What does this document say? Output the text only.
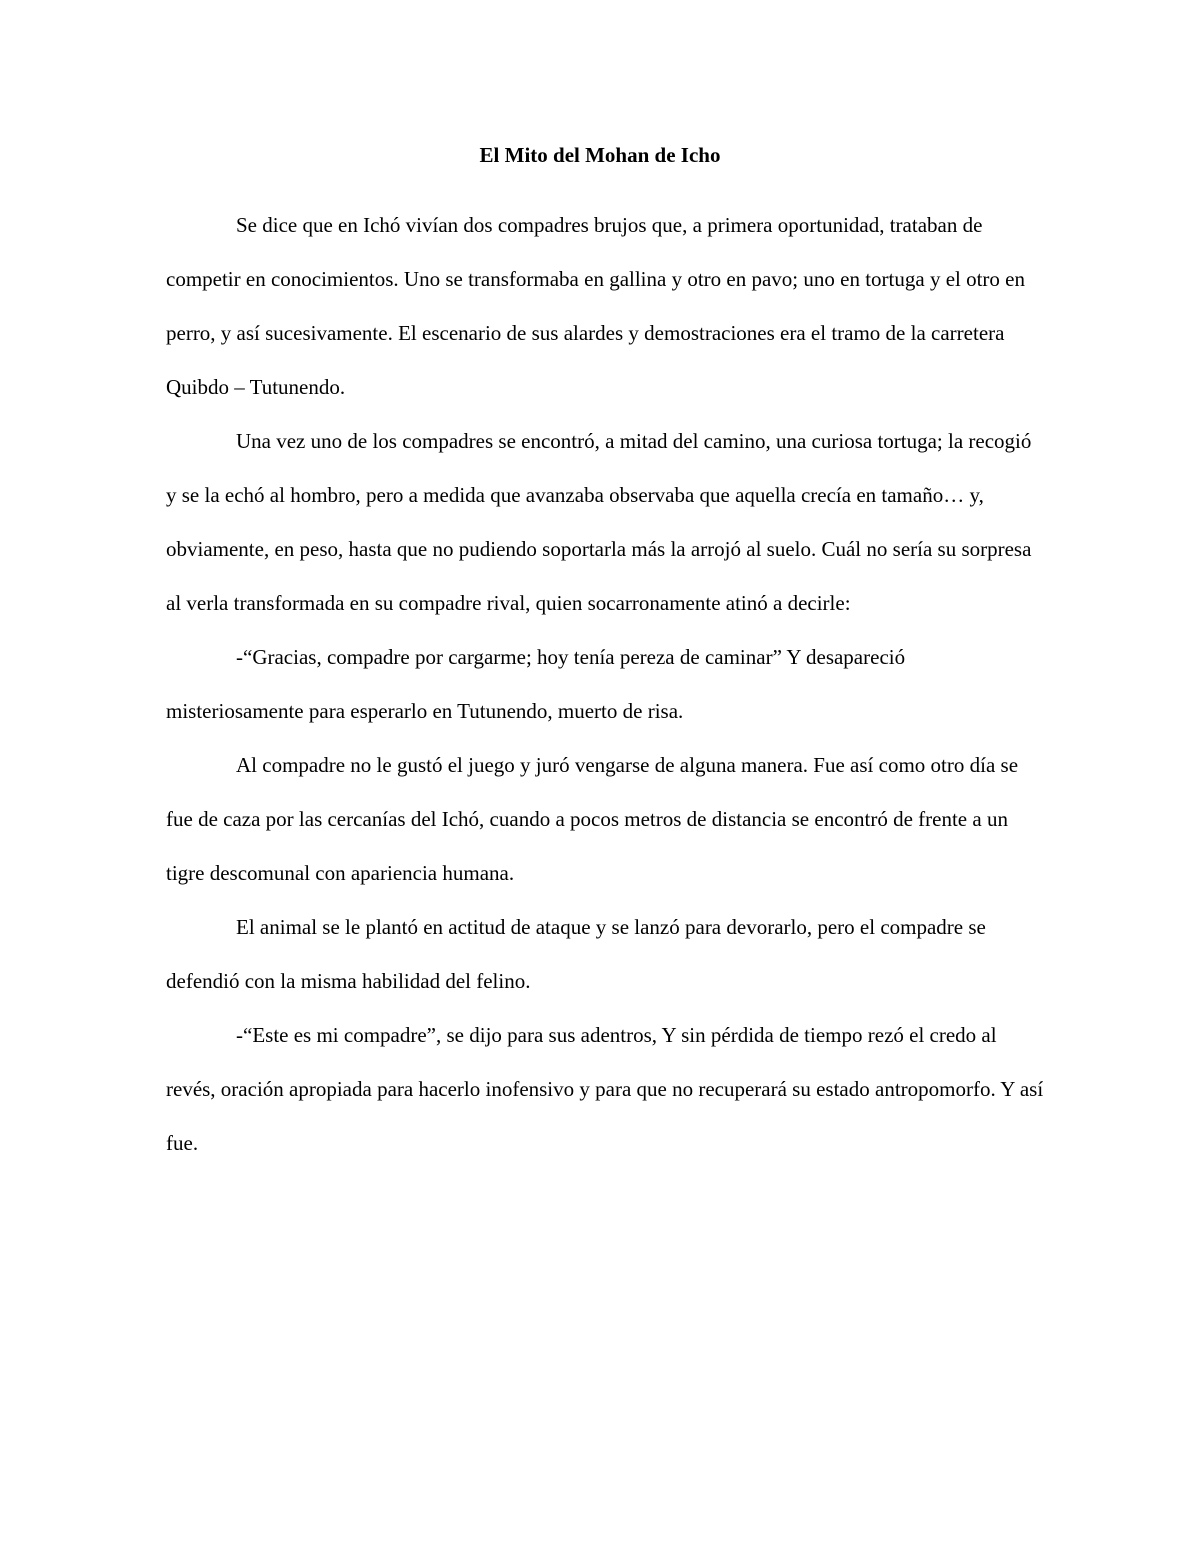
El Mito del Mohan de Icho

Se dice que en Ichó vivían dos compadres brujos que, a primera oportunidad, trataban de competir en conocimientos. Uno se transformaba en gallina y otro en pavo; uno en tortuga y el otro en perro, y así sucesivamente. El escenario de sus alardes y demostraciones era el tramo de la carretera Quibdo – Tutunendo.

Una vez uno de los compadres se encontró, a mitad del camino, una curiosa tortuga; la recogió y se la echó al hombro, pero a medida que avanzaba observaba que aquella crecía en tamaño… y, obviamente, en peso, hasta que no pudiendo soportarla más la arrojó al suelo. Cuál no sería su sorpresa al verla transformada en su compadre rival, quien socarronamente atinó a decirle:

-“Gracias, compadre por cargarme; hoy tenía pereza de caminar” Y desapareció misteriosamente para esperarlo en Tutunendo, muerto de risa.

Al compadre no le gustó el juego y juró vengarse de alguna manera. Fue así como otro día se fue de caza por las cercanías del Ichó, cuando a pocos metros de distancia se encontró de frente a un tigre descomunal con apariencia humana.

El animal se le plantó en actitud de ataque y se lanzó para devorarlo, pero el compadre se defendió con la misma habilidad del felino.

-“Este es mi compadre”, se dijo para sus adentros, Y sin pérdida de tiempo rezó el credo al revés, oración apropiada para hacerlo inofensivo y para que no recuperará su estado antropomorfo. Y así fue.
